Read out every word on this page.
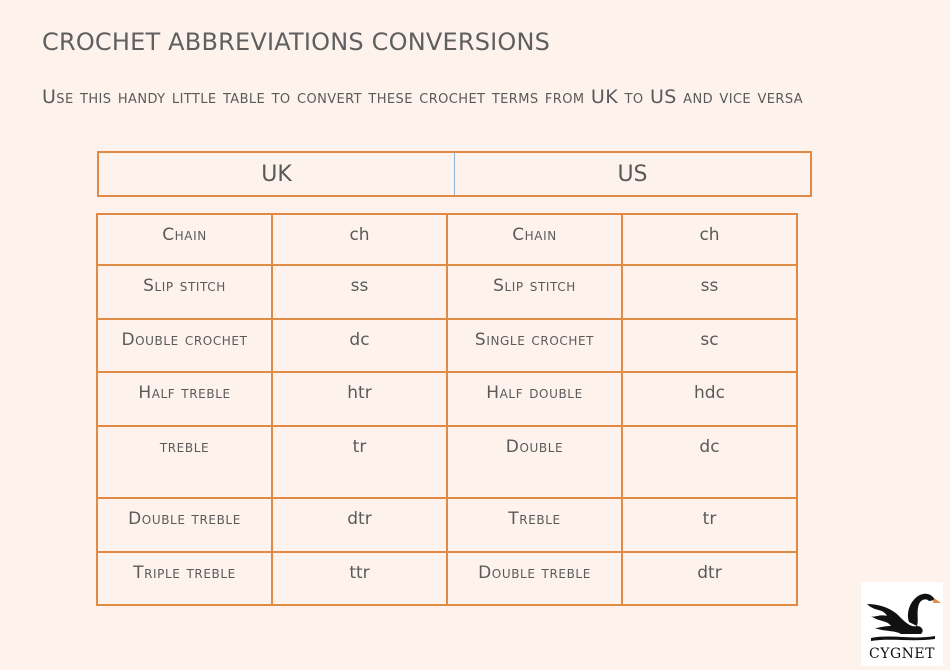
CROCHET ABBREVIATIONS CONVERSIONS

Use this handy little table to convert these crochet terms from UK to US and vice versa

UK	US
Chain	ch	Chain	ch
Slip stitch	ss	Slip stitch	ss
Double crochet	dc	Single crochet	sc
Half treble	htr	Half double	hdc
treble	tr	Double	dc
Double treble	dtr	Treble	tr
Triple treble	ttr	Double treble	dtr
CYGNET
